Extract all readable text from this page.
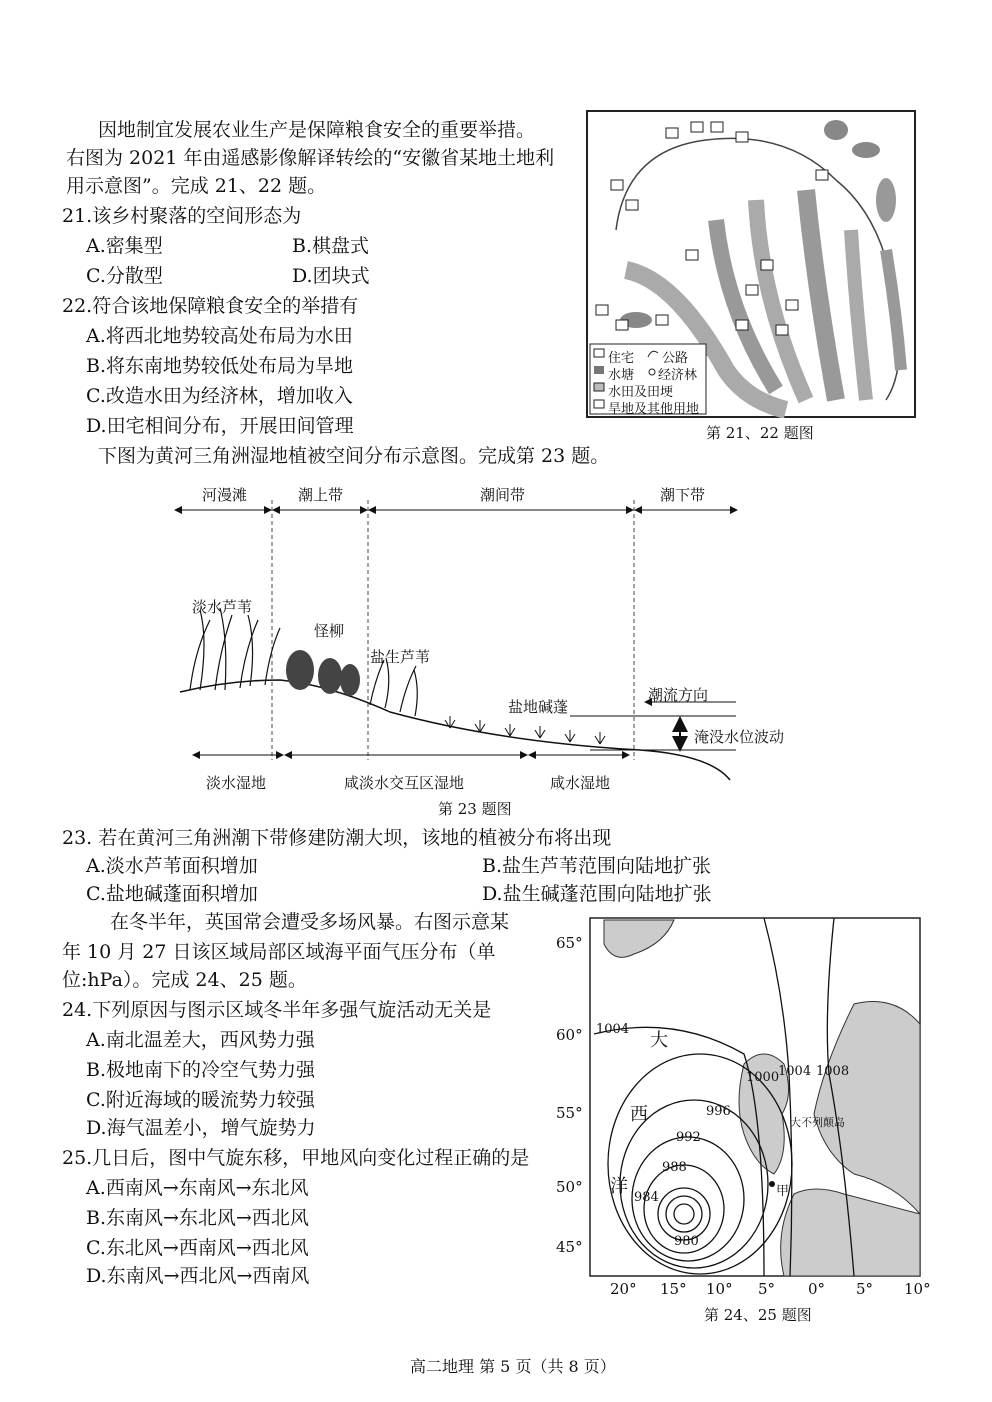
因地制宜发展农业生产是保障粮食安全的重要举措。
右图为 2021 年由遥感影像解译转绘的“安徽省某地土地利
用示意图”。完成 21、22 题。
21.该乡村聚落的空间形态为
A.密集型	B.棋盘式
C.分散型	D.团块式
22.符合该地保障粮食安全的举措有
A.将西北地势较高处布局为水田
B.将东南地势较低处布局为旱地
C.改造水田为经济林，增加收入
D.田宅相间分布，开展田间管理
住宅 公路
水塘 经济林
水田及田埂
旱地及其他用地
第 21、22 题图
下图为黄河三角洲湿地植被空间分布示意图。完成第 23 题。
河漫滩	潮上带	潮间带	潮下带
淡水芦苇
怪柳
盐生芦苇
盐地碱蓬
潮流方向
淹没水位波动
淡水湿地	咸淡水交互区湿地	咸水湿地
第 23 题图
23. 若在黄河三角洲潮下带修建防潮大坝，该地的植被分布将出现
A.淡水芦苇面积增加	B.盐生芦苇范围向陆地扩张
C.盐地碱蓬面积增加	D.盐生碱蓬范围向陆地扩张
在冬半年，英国常会遭受多场风暴。右图示意某
年 10 月 27 日该区域局部区域海平面气压分布（单
位:hPa）。完成 24、25 题。
24.下列原因与图示区域冬半年多强气旋活动无关是
A.南北温差大，西风势力强
B.极地南下的冷空气势力强
C.附近海域的暖流势力较强
D.海气温差小，增气旋势力
25.几日后，图中气旋东移，甲地风向变化过程正确的是
A.西南风→东南风→东北风
B.东南风→东北风→西北风
C.东北风→西南风→西北风
D.东南风→西北风→西南风
65°
60°
55°
50°
45°
20° 15° 10° 5° 0° 5° 10°
1004
1000
996
992
988
984
980
1004 1008
大
西
洋
大不列颠岛
甲
第 24、25 题图
高二地理 第 5 页（共 8 页）
